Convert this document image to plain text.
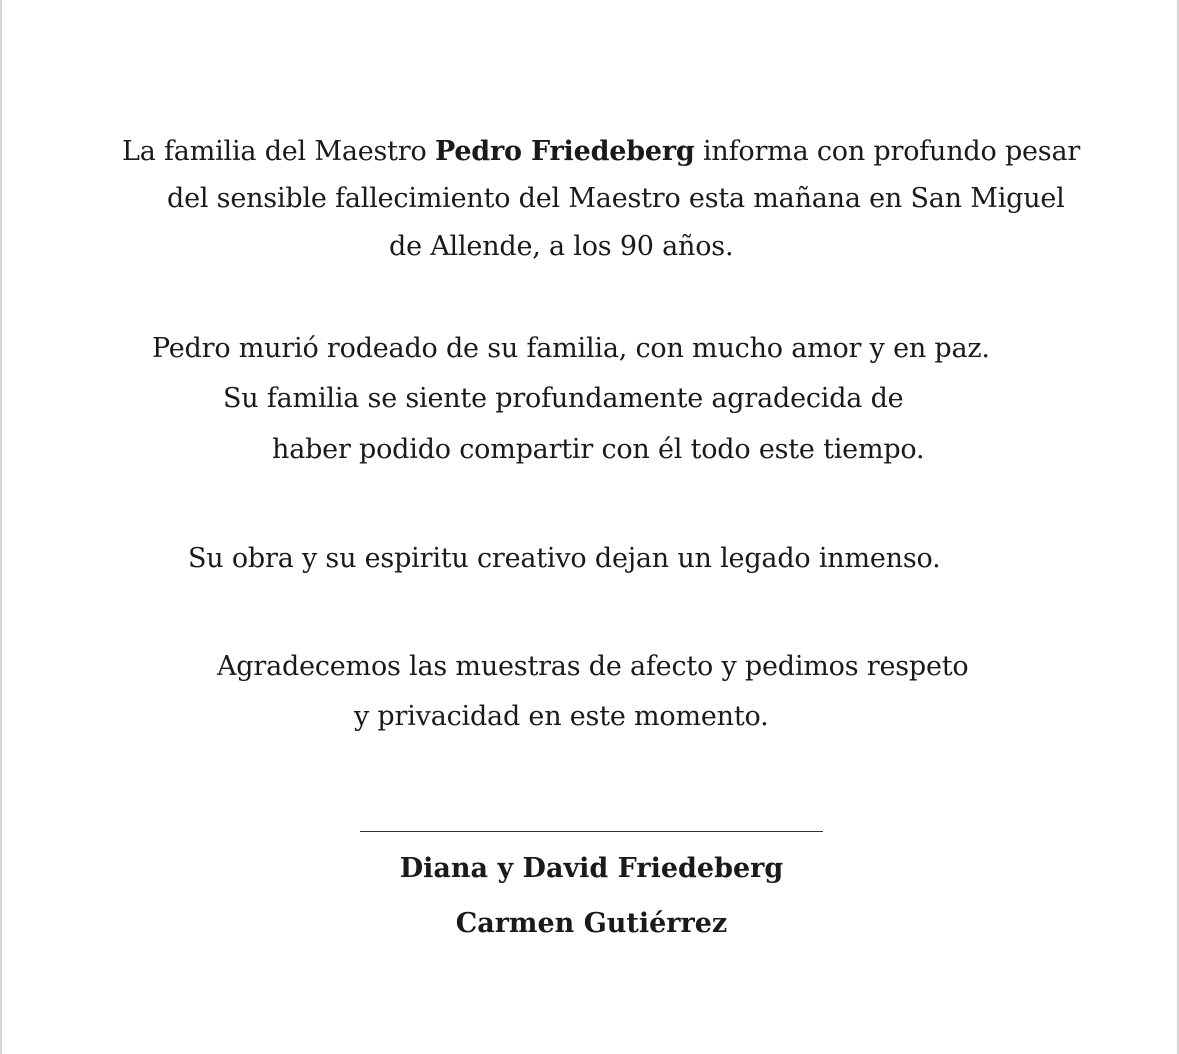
La familia del Maestro Pedro Friedeberg informa con profundo pesar
del sensible fallecimiento del Maestro esta mañana en San Miguel
de Allende, a los 90 años.
Pedro murió rodeado de su familia, con mucho amor y en paz.
Su familia se siente profundamente agradecida de
haber podido compartir con él todo este tiempo.
Su obra y su espiritu creativo dejan un legado inmenso.
Agradecemos las muestras de afecto y pedimos respeto
y privacidad en este momento.
Diana y David Friedeberg
Carmen Gutiérrez
